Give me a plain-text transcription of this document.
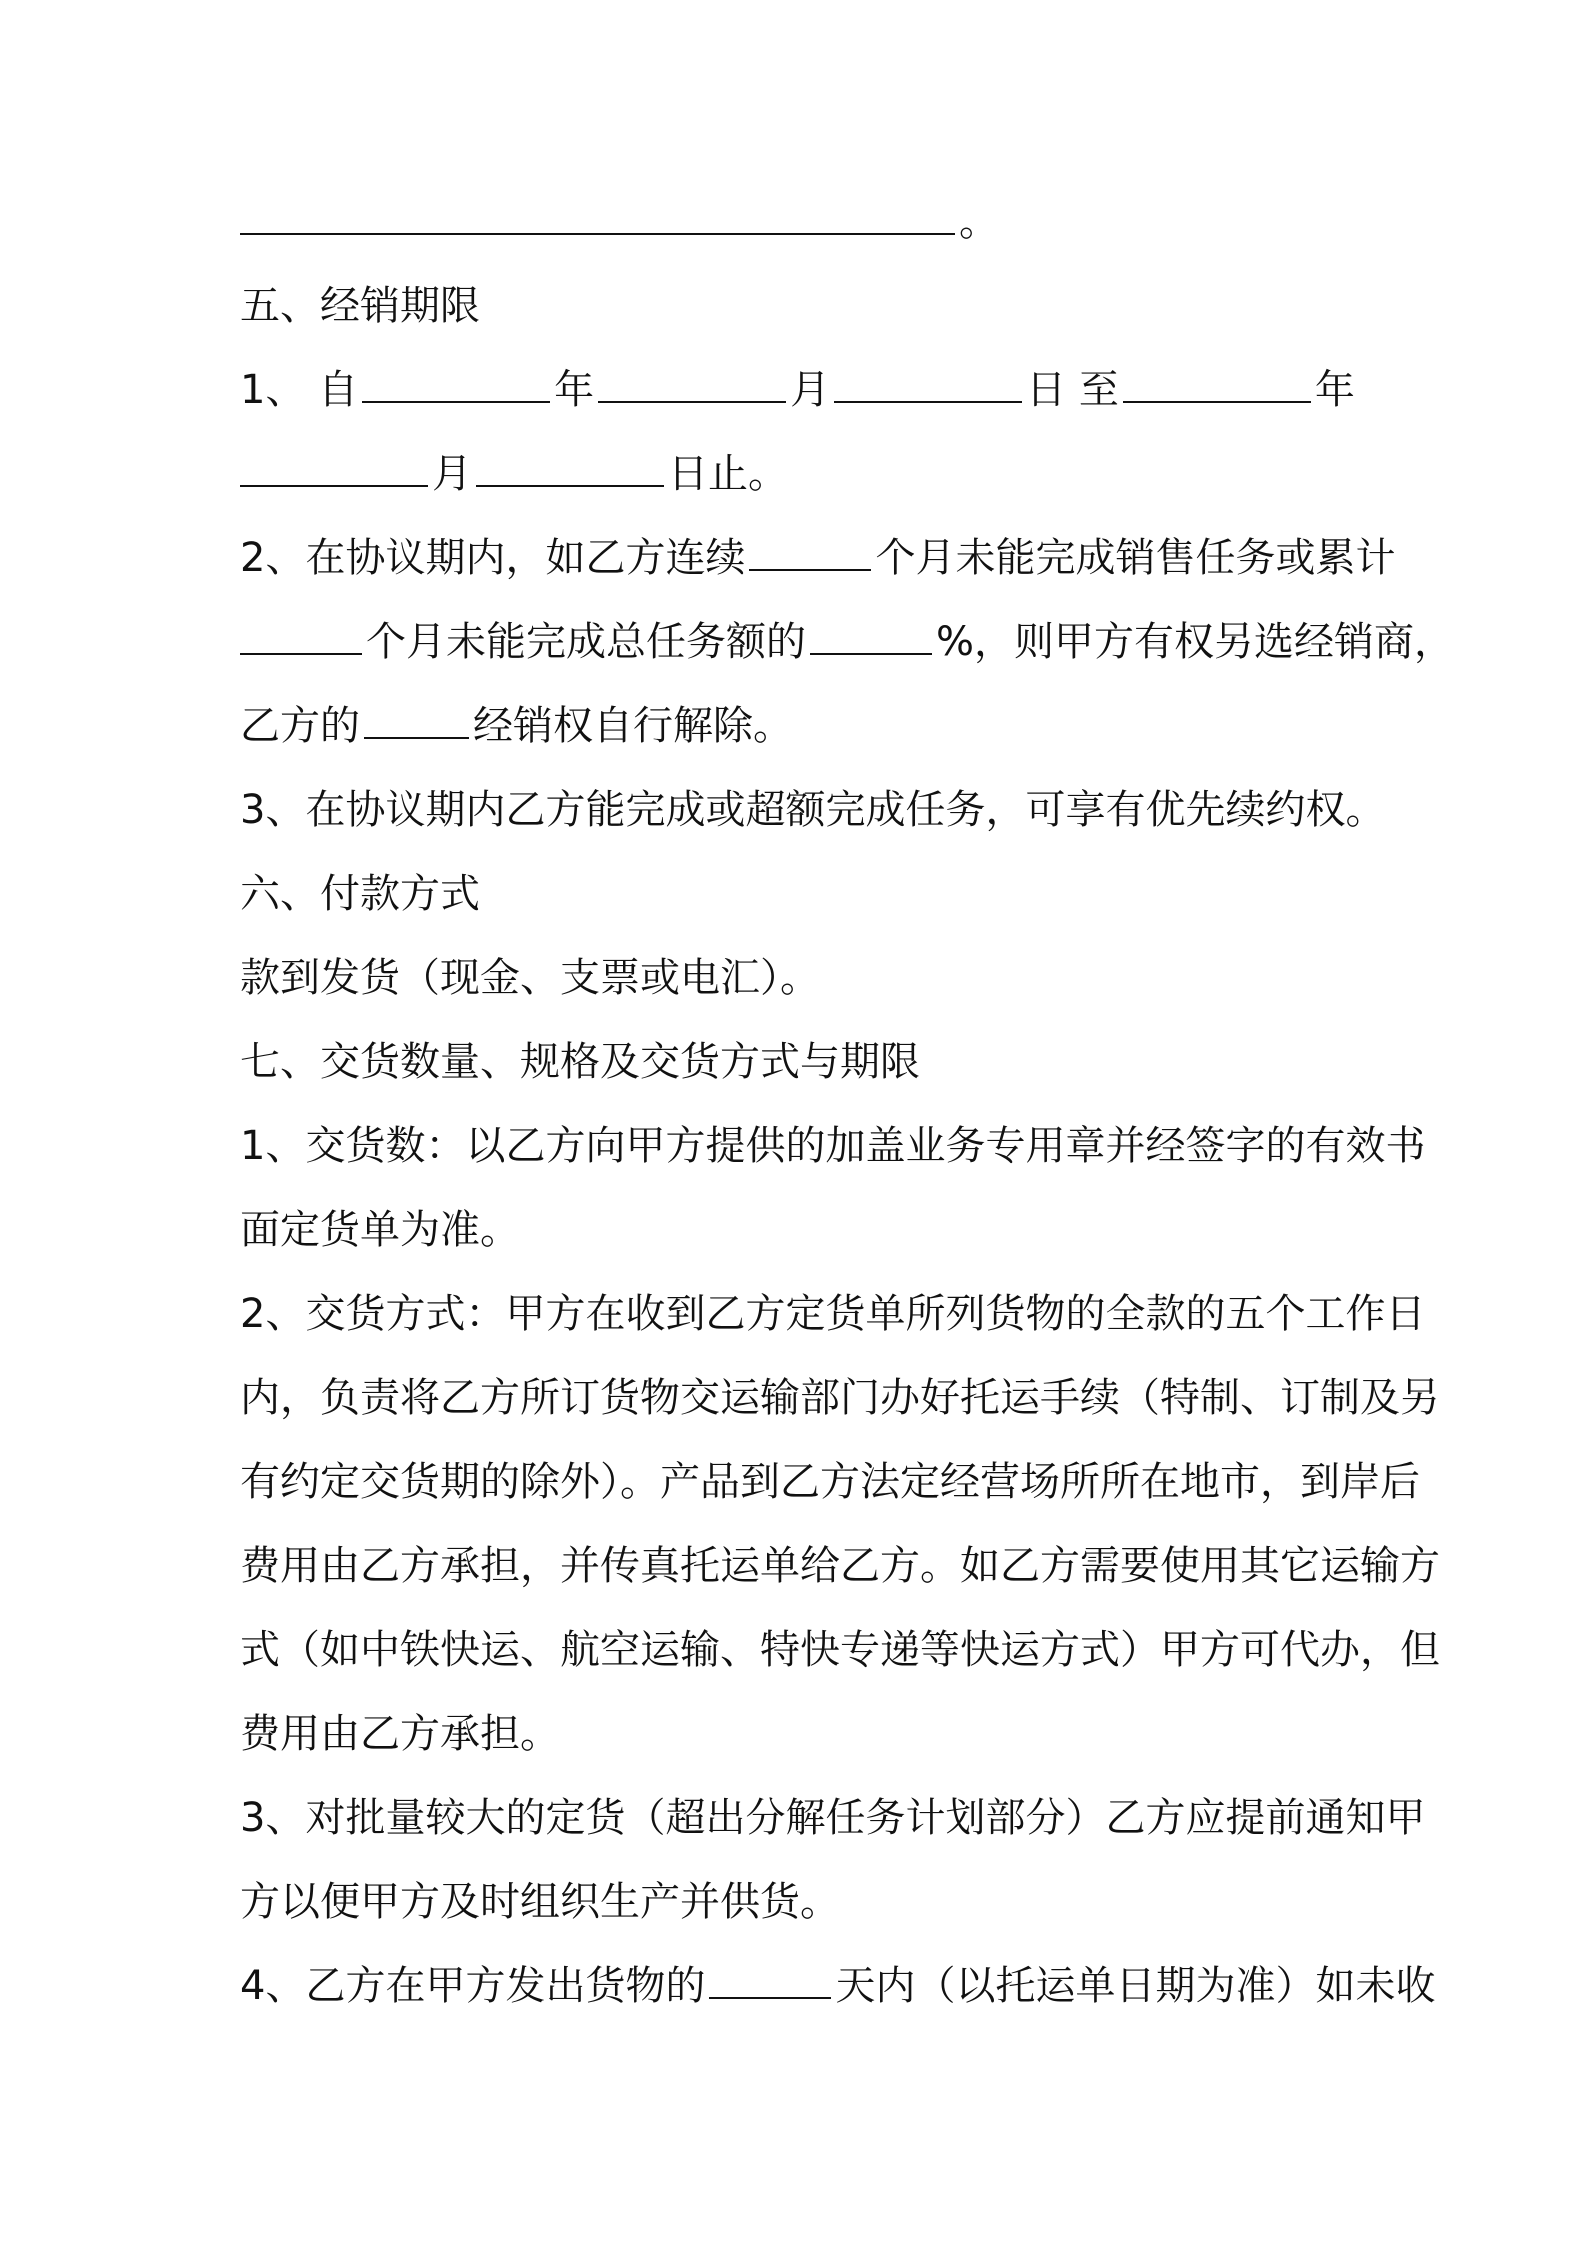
。
五、经销期限
1、 自	年	月	日 至	年
月	日止。
2、在协议期内，如乙方连续	个月未能完成销售任务或累计
个月未能完成总任务额的	%，则甲方有权另选经销商，
乙方的	经销权自行解除。
3、在协议期内乙方能完成或超额完成任务，可享有优先续约权。
六、付款方式
款到发货（现金、支票或电汇）。
七、交货数量、规格及交货方式与期限
1、交货数：以乙方向甲方提供的加盖业务专用章并经签字的有效书
面定货单为准。
2、交货方式：甲方在收到乙方定货单所列货物的全款的五个工作日
内，负责将乙方所订货物交运输部门办好托运手续（特制、订制及另
有约定交货期的除外）。产品到乙方法定经营场所所在地市，到岸后
费用由乙方承担，并传真托运单给乙方。如乙方需要使用其它运输方
式（如中铁快运、航空运输、特快专递等快运方式）甲方可代办，但
费用由乙方承担。
3、对批量较大的定货（超出分解任务计划部分）乙方应提前通知甲
方以便甲方及时组织生产并供货。
4、乙方在甲方发出货物的	天内（以托运单日期为准）如未收
